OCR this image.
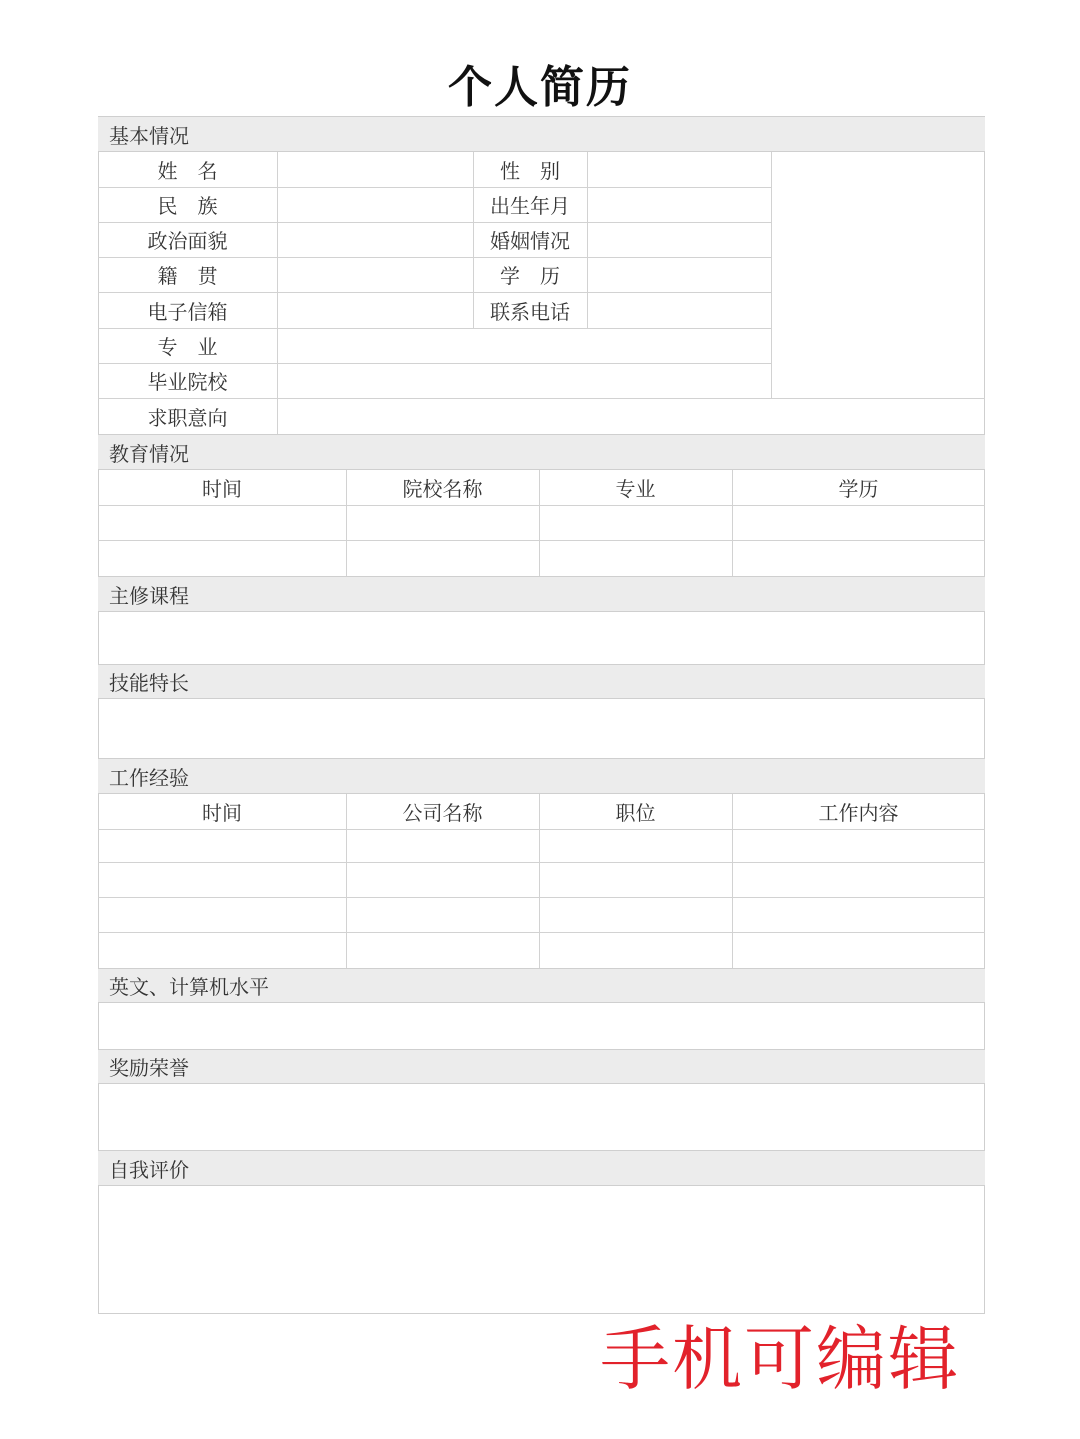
个人简历
基本情况
姓　名	性　别
民　族	出生年月
政治面貌	婚姻情况
籍　贯	学　历
电子信箱	联系电话
专　业
毕业院校
求职意向
教育情况
时间	院校名称	专业	学历
主修课程
技能特长
工作经验
时间	公司名称	职位	工作内容
英文、计算机水平
奖励荣誉
自我评价
手机可编辑
